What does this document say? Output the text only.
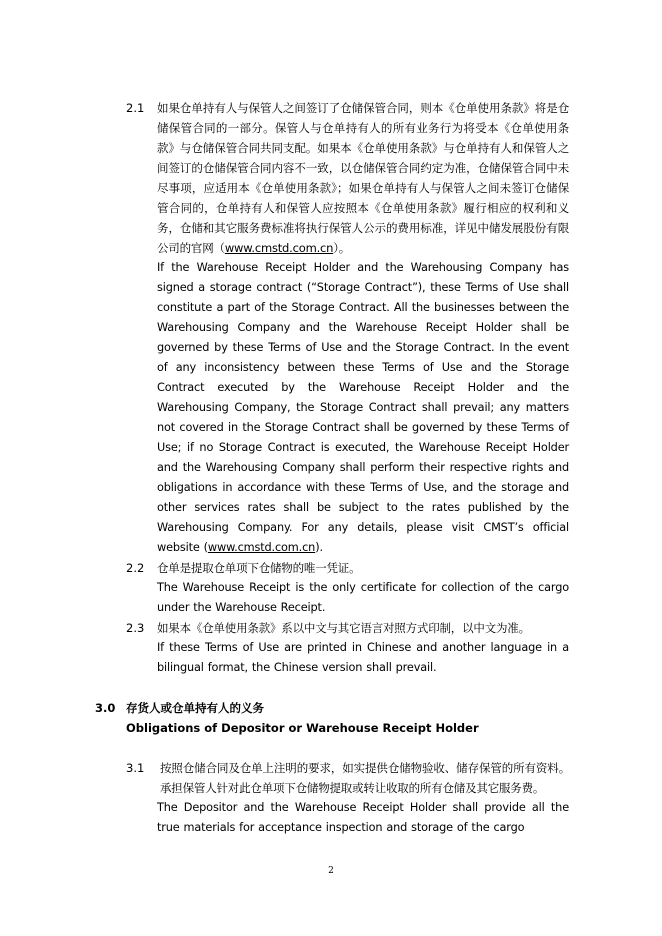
2.1 如果仓单持有人与保管人之间签订了仓储保管合同，则本《仓单使用条款》将是仓储保管合同的一部分。保管人与仓单持有人的所有业务行为将受本《仓单使用条款》与仓储保管合同共同支配。如果本《仓单使用条款》与仓单持有人和保管人之间签订的仓储保管合同内容不一致，以仓储保管合同约定为准，仓储保管合同中未尽事项，应适用本《仓单使用条款》；如果仓单持有人与保管人之间未签订仓储保管合同的，仓单持有人和保管人应按照本《仓单使用条款》履行相应的权利和义务，仓储和其它服务费标准将执行保管人公示的费用标准，详见中储发展股份有限公司的官网（www.cmstd.com.cn）。
If the Warehouse Receipt Holder and the Warehousing Company has signed a storage contract (“Storage Contract”), these Terms of Use shall constitute a part of the Storage Contract. All the businesses between the Warehousing Company and the Warehouse Receipt Holder shall be governed by these Terms of Use and the Storage Contract. In the event of any inconsistency between these Terms of Use and the Storage Contract executed by the Warehouse Receipt Holder and the Warehousing Company, the Storage Contract shall prevail; any matters not covered in the Storage Contract shall be governed by these Terms of Use; if no Storage Contract is executed, the Warehouse Receipt Holder and the Warehousing Company shall perform their respective rights and obligations in accordance with these Terms of Use, and the storage and other services rates shall be subject to the rates published by the Warehousing Company. For any details, please visit CMST’s official website (www.cmstd.com.cn).
2.2 仓单是提取仓单项下仓储物的唯一凭证。
The Warehouse Receipt is the only certificate for collection of the cargo under the Warehouse Receipt.
2.3 如果本《仓单使用条款》系以中文与其它语言对照方式印制，以中文为准。
If these Terms of Use are printed in Chinese and another language in a bilingual format, the Chinese version shall prevail.
3.0 存货人或仓单持有人的义务
Obligations of Depositor or Warehouse Receipt Holder
3.1 按照仓储合同及仓单上注明的要求，如实提供仓储物验收、储存保管的所有资料。承担保管人针对此仓单项下仓储物提取或转让收取的所有仓储及其它服务费。
The Depositor and the Warehouse Receipt Holder shall provide all the true materials for acceptance inspection and storage of the cargo
2
